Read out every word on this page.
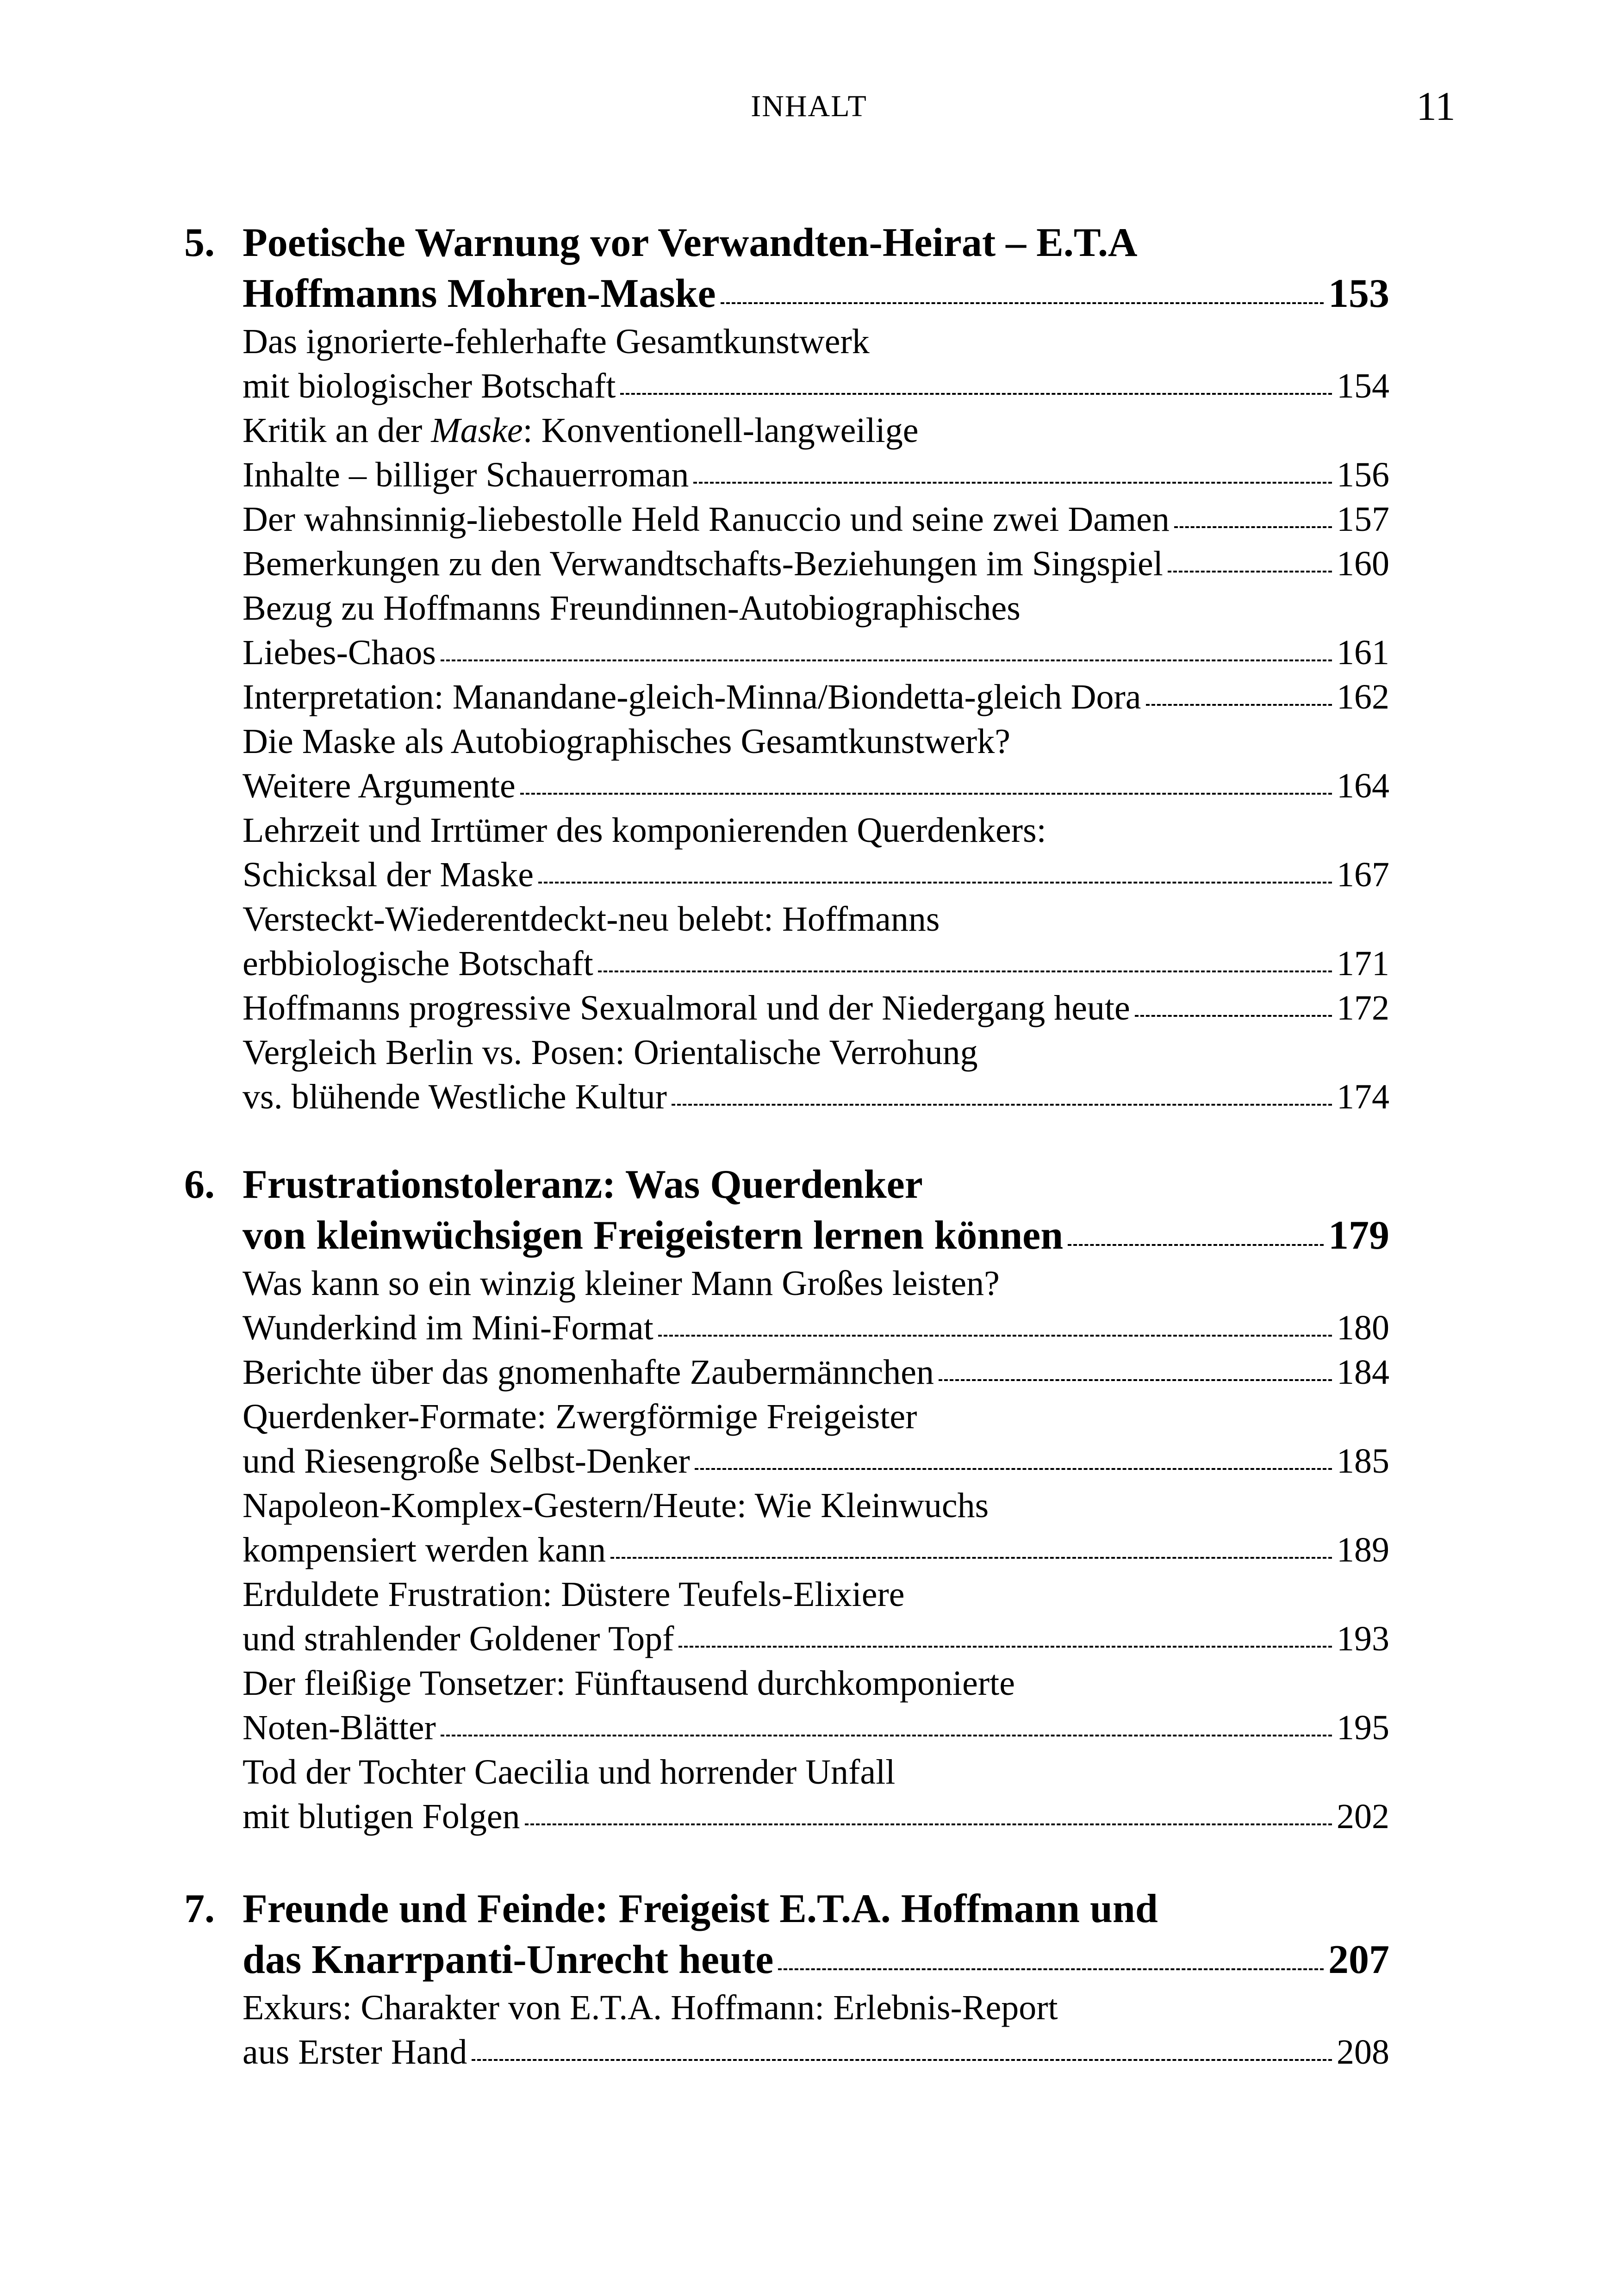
INHALT	11
5. Poetische Warnung vor Verwandten-Heirat – E.T.A
Hoffmanns Mohren-Maske	153
Das ignorierte-fehlerhafte Gesamtkunstwerk
mit biologischer Botschaft	154
Kritik an der Maske: Konventionell-langweilige
Inhalte – billiger Schauerroman	156
Der wahnsinnig-liebestolle Held Ranuccio und seine zwei Damen	157
Bemerkungen zu den Verwandtschafts-Beziehungen im Singspiel	160
Bezug zu Hoffmanns Freundinnen-Autobiographisches
Liebes-Chaos	161
Interpretation: Manandane-gleich-Minna/Biondetta-gleich Dora	162
Die Maske als Autobiographisches Gesamtkunstwerk?
Weitere Argumente	164
Lehrzeit und Irrtümer des komponierenden Querdenkers:
Schicksal der Maske	167
Versteckt-Wiederentdeckt-neu belebt: Hoffmanns
erbbiologische Botschaft	171
Hoffmanns progressive Sexualmoral und der Niedergang heute	172
Vergleich Berlin vs. Posen: Orientalische Verrohung
vs. blühende Westliche Kultur	174
6. Frustrationstoleranz: Was Querdenker
von kleinwüchsigen Freigeistern lernen können	179
Was kann so ein winzig kleiner Mann Großes leisten?
Wunderkind im Mini-Format	180
Berichte über das gnomenhafte Zaubermännchen	184
Querdenker-Formate: Zwergförmige Freigeister
und Riesengroße Selbst-Denker	185
Napoleon-Komplex-Gestern/Heute: Wie Kleinwuchs
kompensiert werden kann	189
Erduldete Frustration: Düstere Teufels-Elixiere
und strahlender Goldener Topf	193
Der fleißige Tonsetzer: Fünftausend durchkomponierte
Noten-Blätter	195
Tod der Tochter Caecilia und horrender Unfall
mit blutigen Folgen	202
7. Freunde und Feinde: Freigeist E.T.A. Hoffmann und
das Knarrpanti-Unrecht heute	207
Exkurs: Charakter von E.T.A. Hoffmann: Erlebnis-Report
aus Erster Hand	208
